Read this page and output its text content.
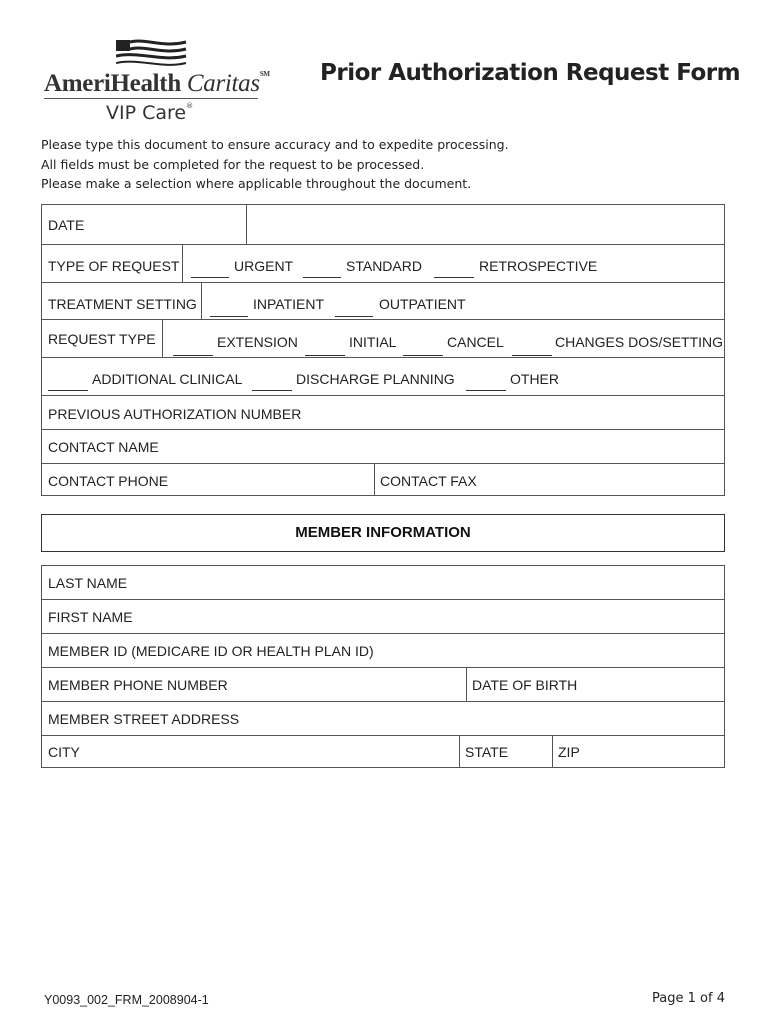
AmeriHealth Caritas℠
VIP Care®
Prior Authorization Request Form
Please type this document to ensure accuracy and to expedite processing.
All fields must be completed for the request to be processed.
Please make a selection where applicable throughout the document.
DATE
TYPE OF REQUEST	URGENT	STANDARD	RETROSPECTIVE
TREATMENT SETTING	INPATIENT	OUTPATIENT
REQUEST TYPE	EXTENSION	INITIAL	CANCEL	CHANGES DOS/SETTING
ADDITIONAL CLINICAL	DISCHARGE PLANNING	OTHER
PREVIOUS AUTHORIZATION NUMBER
CONTACT NAME
CONTACT PHONE	CONTACT FAX
MEMBER INFORMATION
LAST NAME
FIRST NAME
MEMBER ID (MEDICARE ID OR HEALTH PLAN ID)
MEMBER PHONE NUMBER	DATE OF BIRTH
MEMBER STREET ADDRESS
CITY	STATE	ZIP
Y0093_002_FRM_2008904-1	Page 1 of 4
